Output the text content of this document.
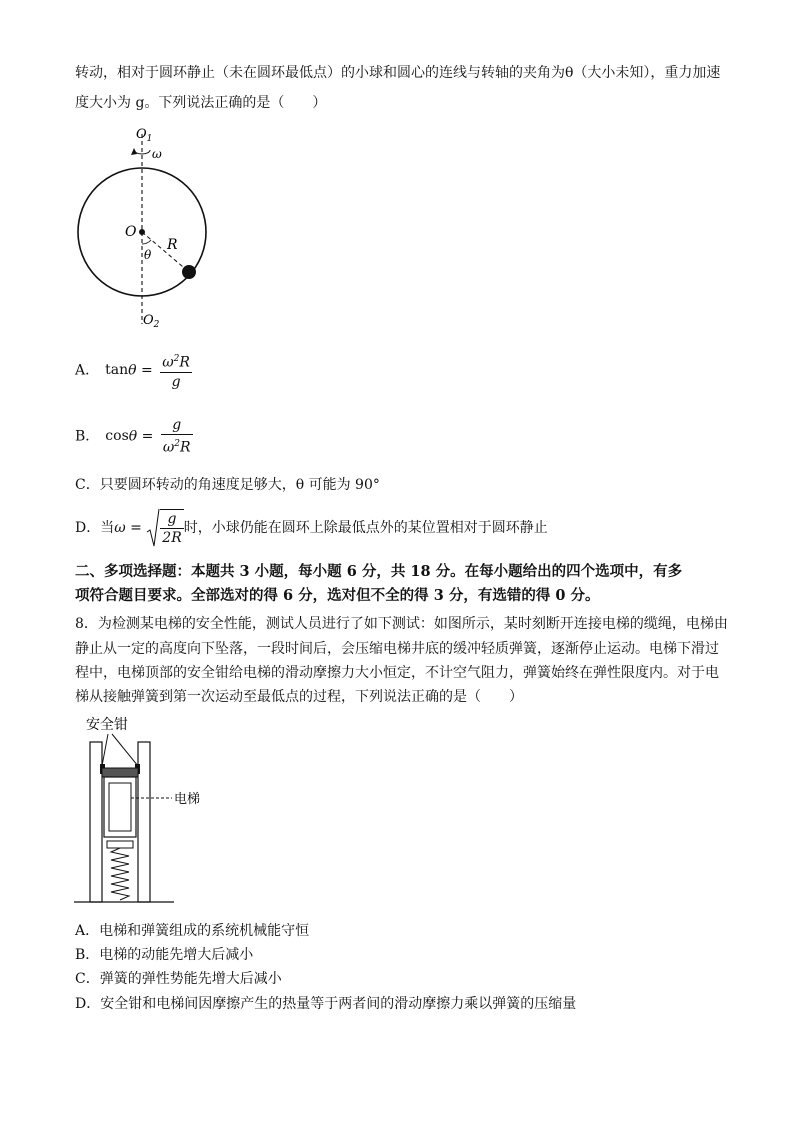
转动，相对于圆环静止（未在圆环最低点）的小球和圆心的连线与转轴的夹角为θ（大小未知），重力加速
度大小为 g。下列说法正确的是（　　）
$O_1$
ω
O
R
θ
$O_2$
A． $\tan\theta = \frac{\omega^2R}{g}$
B． $\cos\theta = \frac{g}{\omega^2R}$
C．只要圆环转动的角速度足够大，θ 可能为 90°
D．当$\omega = \frac{g}{2R}$ 时，小球仍能在圆环上除最低点外的某位置相对于圆环静止
二、多项选择题：本题共 3 小题，每小题 6 分，共 18 分。在每小题给出的四个选项中，有多
项符合题目要求。全部选对的得 6 分，选对但不全的得 3 分，有选错的得 0 分。
8．为检测某电梯的安全性能，测试人员进行了如下测试：如图所示，某时刻断开连接电梯的缆绳，电梯由
静止从一定的高度向下坠落，一段时间后，会压缩电梯井底的缓冲轻质弹簧，逐渐停止运动。电梯下滑过
程中，电梯顶部的安全钳给电梯的滑动摩擦力大小恒定，不计空气阻力，弹簧始终在弹性限度内。对于电
梯从接触弹簧到第一次运动至最低点的过程，下列说法正确的是（　　）
安全钳
电梯
A．电梯和弹簧组成的系统机械能守恒
B．电梯的动能先增大后减小
C．弹簧的弹性势能先增大后减小
D．安全钳和电梯间因摩擦产生的热量等于两者间的滑动摩擦力乘以弹簧的压缩量
